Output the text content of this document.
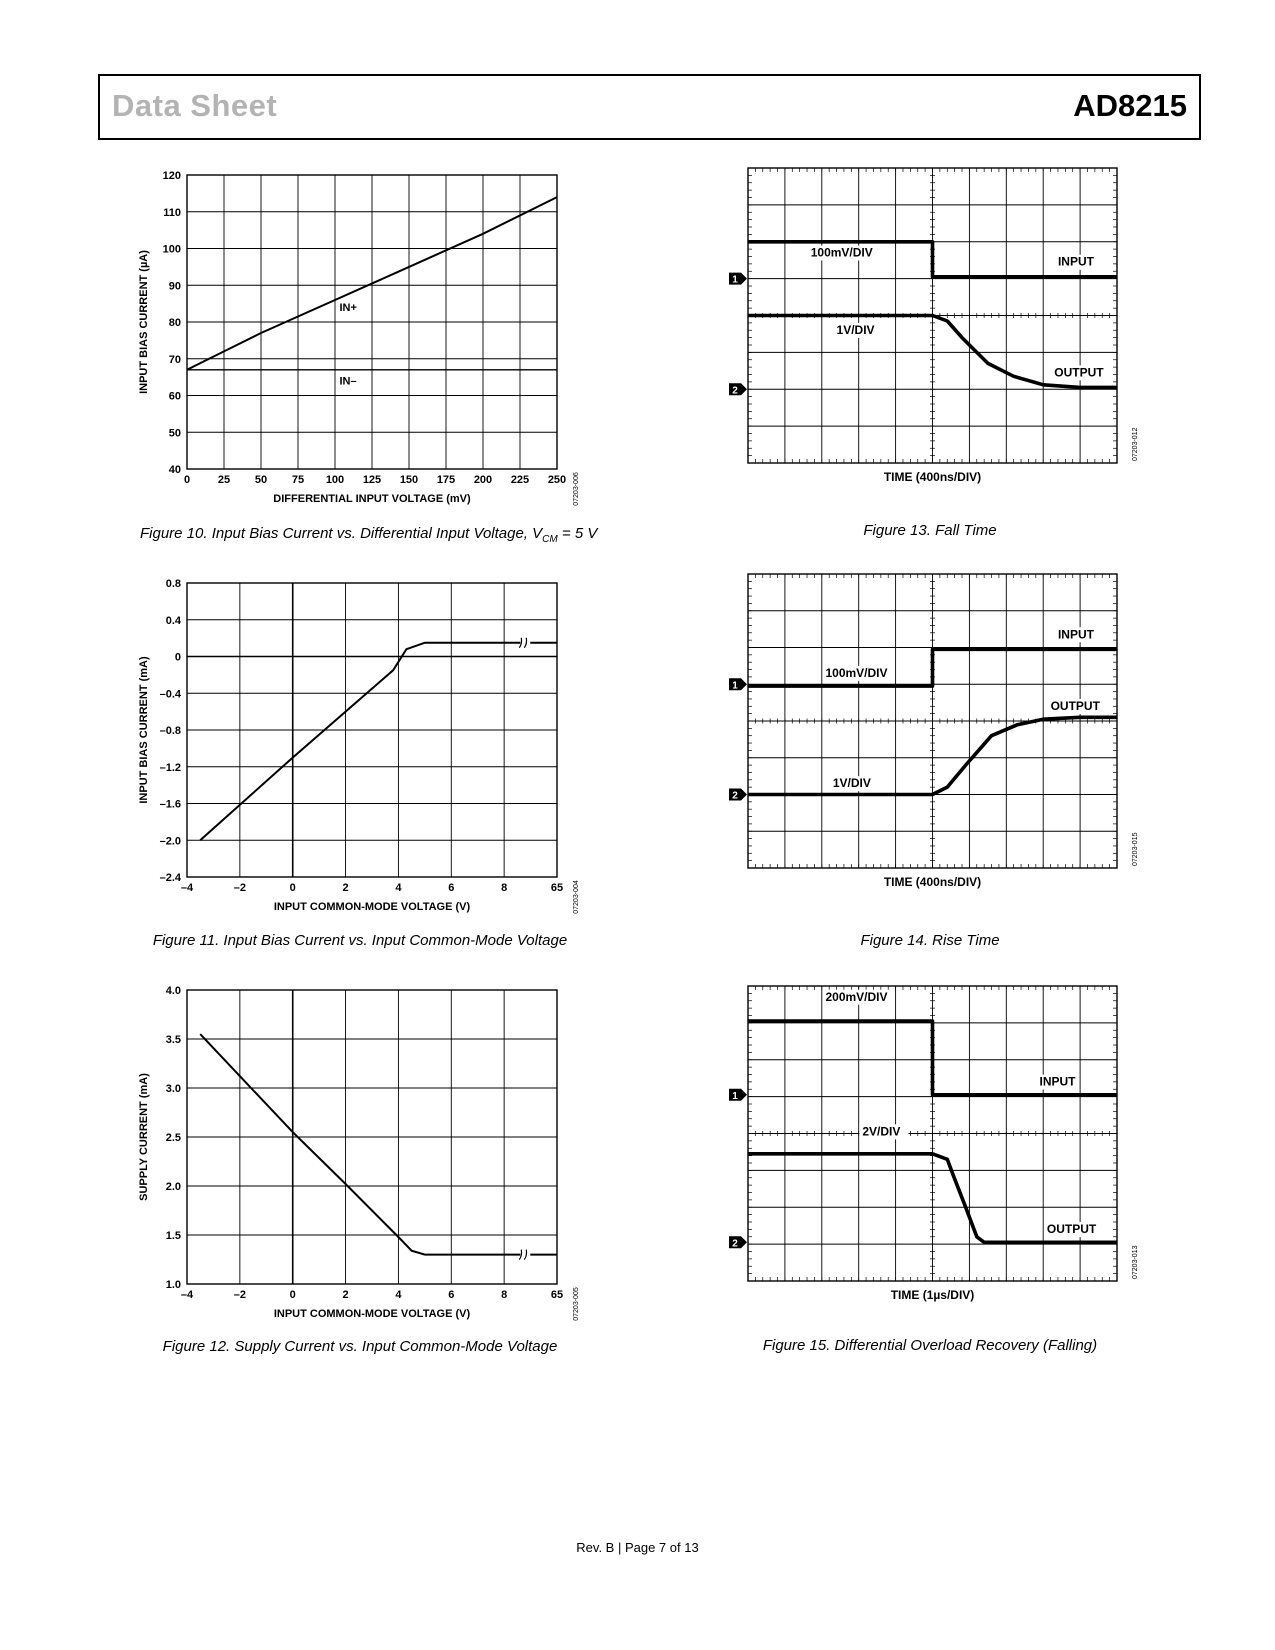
Data Sheet	AD8215
0	25 50 75 100 125 150 175 200 225 250
40
50
60
70
80
90
100
110
120
DIFFERENTIAL INPUT VOLTAGE (mV)
INPUT BIAS CURRENT (µA)
07203-006
IN+
IN–
–4	–2	0	2	4	6	8	65
–2.4
–2.0
–1.6
–1.2
–0.8
–0.4
0
0.4
0.8
INPUT COMMON-MODE VOLTAGE (V)
INPUT BIAS CURRENT (mA)
07203-004
–4	–2	0	2	4	6	8	65
1.0
1.5
2.0
2.5
3.0
3.5
4.0
INPUT COMMON-MODE VOLTAGE (V)
SUPPLY CURRENT (mA)
07203-005
1
2
100mV/DIV
INPUT
1V/DIV
OUTPUT
TIME (400ns/DIV)
07203-012
1
2
INPUT
100mV/DIV
OUTPUT
1V/DIV
TIME (400ns/DIV)
07203-015
1
2
200mV/DIV
INPUT
2V/DIV
OUTPUT
TIME (1µs/DIV)
07203-013
Figure 10. Input Bias Current vs. Differential Input Voltage, $V_{CM} = 5$ V
Figure 11. Input Bias Current vs. Input Common-Mode Voltage
Figure 12. Supply Current vs. Input Common-Mode Voltage
Figure 13. Fall Time
Figure 14. Rise Time
Figure 15. Differential Overload Recovery (Falling)
Rev. B | Page 7 of 13
